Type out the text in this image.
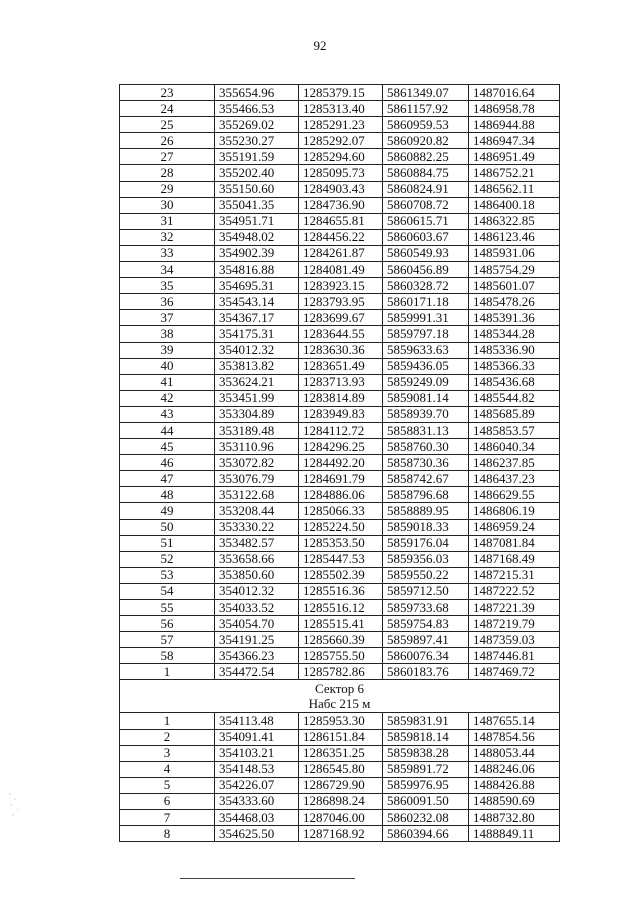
92
23	355654.96	1285379.15	5861349.07	1487016.64
24	355466.53	1285313.40	5861157.92	1486958.78
25	355269.02	1285291.23	5860959.53	1486944.88
26	355230.27	1285292.07	5860920.82	1486947.34
27	355191.59	1285294.60	5860882.25	1486951.49
28	355202.40	1285095.73	5860884.75	1486752.21
29	355150.60	1284903.43	5860824.91	1486562.11
30	355041.35	1284736.90	5860708.72	1486400.18
31	354951.71	1284655.81	5860615.71	1486322.85
32	354948.02	1284456.22	5860603.67	1486123.46
33	354902.39	1284261.87	5860549.93	1485931.06
34	354816.88	1284081.49	5860456.89	1485754.29
35	354695.31	1283923.15	5860328.72	1485601.07
36	354543.14	1283793.95	5860171.18	1485478.26
37	354367.17	1283699.67	5859991.31	1485391.36
38	354175.31	1283644.55	5859797.18	1485344.28
39	354012.32	1283630.36	5859633.63	1485336.90
40	353813.82	1283651.49	5859436.05	1485366.33
41	353624.21	1283713.93	5859249.09	1485436.68
42	353451.99	1283814.89	5859081.14	1485544.82
43	353304.89	1283949.83	5858939.70	1485685.89
44	353189.48	1284112.72	5858831.13	1485853.57
45	353110.96	1284296.25	5858760.30	1486040.34
46	353072.82	1284492.20	5858730.36	1486237.85
47	353076.79	1284691.79	5858742.67	1486437.23
48	353122.68	1284886.06	5858796.68	1486629.55
49	353208.44	1285066.33	5858889.95	1486806.19
50	353330.22	1285224.50	5859018.33	1486959.24
51	353482.57	1285353.50	5859176.04	1487081.84
52	353658.66	1285447.53	5859356.03	1487168.49
53	353850.60	1285502.39	5859550.22	1487215.31
54	354012.32	1285516.36	5859712.50	1487222.52
55	354033.52	1285516.12	5859733.68	1487221.39
56	354054.70	1285515.41	5859754.83	1487219.79
57	354191.25	1285660.39	5859897.41	1487359.03
58	354366.23	1285755.50	5860076.34	1487446.81
1	354472.54	1285782.86	5860183.76	1487469.72

Сектор 6
Набс 215 м				

1	354113.48	1285953.30	5859831.91	1487655.14
2	354091.41	1286151.84	5859818.14	1487854.56
3	354103.21	1286351.25	5859838.28	1488053.44
4	354148.53	1286545.80	5859891.72	1488246.06
5	354226.07	1286729.90	5859976.95	1488426.88
6	354333.60	1286898.24	5860091.50	1488590.69
7	354468.03	1287046.00	5860232.08	1488732.80
8	354625.50	1287168.92	5860394.66	1488849.11
